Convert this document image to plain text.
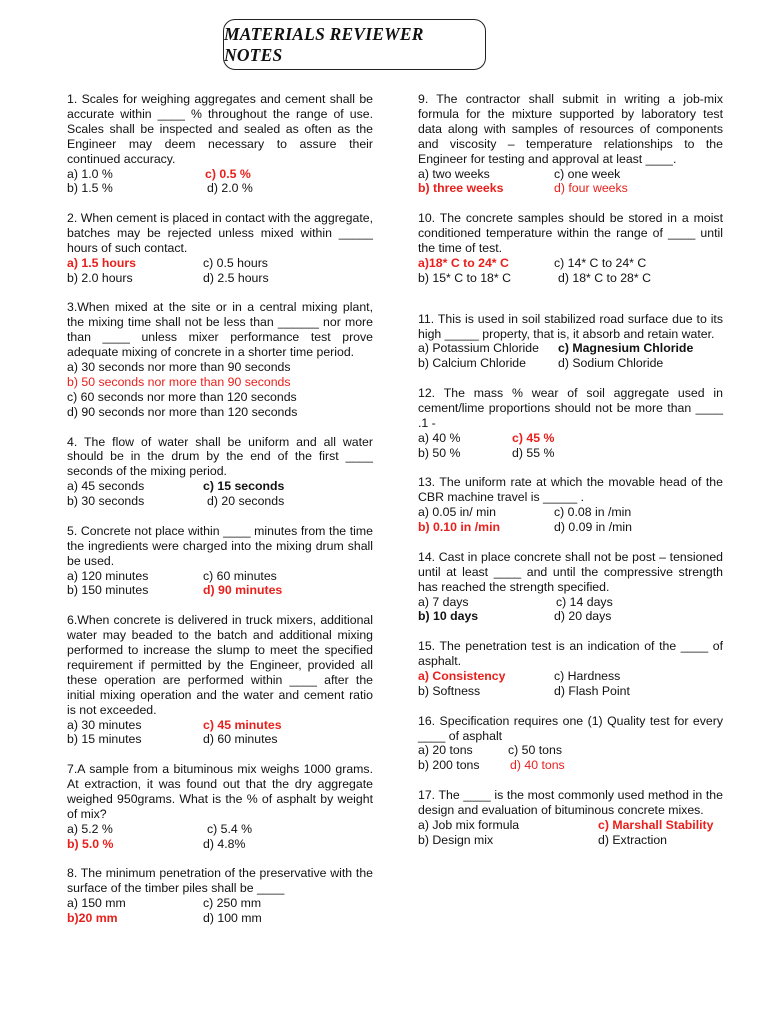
MATERIALS REVIEWER NOTES
1. Scales for weighing aggregates and cement shall be accurate within ____ % throughout the range of use. Scales shall be inspected and sealed as often as the Engineer may deem necessary to assure their continued accuracy.
a) 1.0 %	c) 0.5 %
b) 1.5 %	d) 2.0 %
2. When cement is placed in contact with the aggregate, batches may be rejected unless mixed within _____ hours of such contact.
a) 1.5 hours	c) 0.5 hours
b) 2.0 hours	d) 2.5 hours
3.When mixed at the site or in a central mixing plant, the mixing time shall not be less than ______ nor more than ____ unless mixer performance test prove adequate mixing of concrete in a shorter time period.
a) 30 seconds nor more than 90 seconds
b) 50 seconds nor more than 90 seconds
c) 60 seconds nor more than 120 seconds
d) 90 seconds nor more than 120 seconds
4. The flow of water shall be uniform and all water should be in the drum by the end of the first ____ seconds of the mixing period.
a) 45 seconds	c) 15 seconds
b) 30 seconds	d) 20 seconds
5. Concrete not place within ____ minutes from the time the ingredients were charged into the mixing drum shall be used.
a) 120 minutes	c) 60 minutes
b) 150 minutes	d) 90 minutes
6.When concrete is delivered in truck mixers, additional water may beaded to the batch and additional mixing performed to increase the slump to meet the specified requirement if permitted by the Engineer, provided all these operation are performed within ____ after the initial mixing operation and the water and cement ratio is not exceeded.
a) 30 minutes	c) 45 minutes
b) 15 minutes	d) 60 minutes
7.A sample from a bituminous mix weighs 1000 grams. At extraction, it was found out that the dry aggregate weighed 950grams. What is the % of asphalt by weight of mix?
a) 5.2 %	c) 5.4 %
b) 5.0 %	d) 4.8%
8. The minimum penetration of the preservative with the surface of the timber piles shall be ____
a) 150 mm	c) 250 mm
b)20 mm	d) 100 mm
9. The contractor shall submit in writing a job-mix formula for the mixture supported by laboratory test data along with samples of resources of components and viscosity – temperature relationships to the Engineer for testing and approval at least ____.
a) two weeks	c) one week
b) three weeks	d) four weeks
10. The concrete samples should be stored in a moist conditioned temperature within the range of ____ until the time of test.
a)18* C to 24* C	c) 14* C to 24* C
b) 15* C to 18* C	d) 18* C to 28* C
11. This is used in soil stabilized road surface due to its high _____ property, that is, it absorb and retain water.
a) Potassium Chloride	c) Magnesium Chloride
b) Calcium Chloride	d) Sodium Chloride
12. The mass % wear of soil aggregate used in cement/lime proportions should not be more than ____ .1 -
a) 40 %	c) 45 %
b) 50 %	d) 55 %
13. The uniform rate at which the movable head of the CBR machine travel is _____ .
a) 0.05 in/ min	c) 0.08 in /min
b) 0.10 in /min	d) 0.09 in /min
14. Cast in place concrete shall not be post – tensioned until at least ____ and until the compressive strength has reached the strength specified.
a) 7 days	c) 14 days
b) 10 days	d) 20 days
15. The penetration test is an indication of the ____ of asphalt.
a) Consistency	c) Hardness
b) Softness	d) Flash Point
16. Specification requires one (1) Quality test for every ____ of asphalt
a) 20 tons	c) 50 tons
b) 200 tons	d) 40 tons
17. The ____ is the most commonly used method in the design and evaluation of bituminous concrete mixes.
a) Job mix formula	c) Marshall Stability
b) Design mix	d) Extraction
